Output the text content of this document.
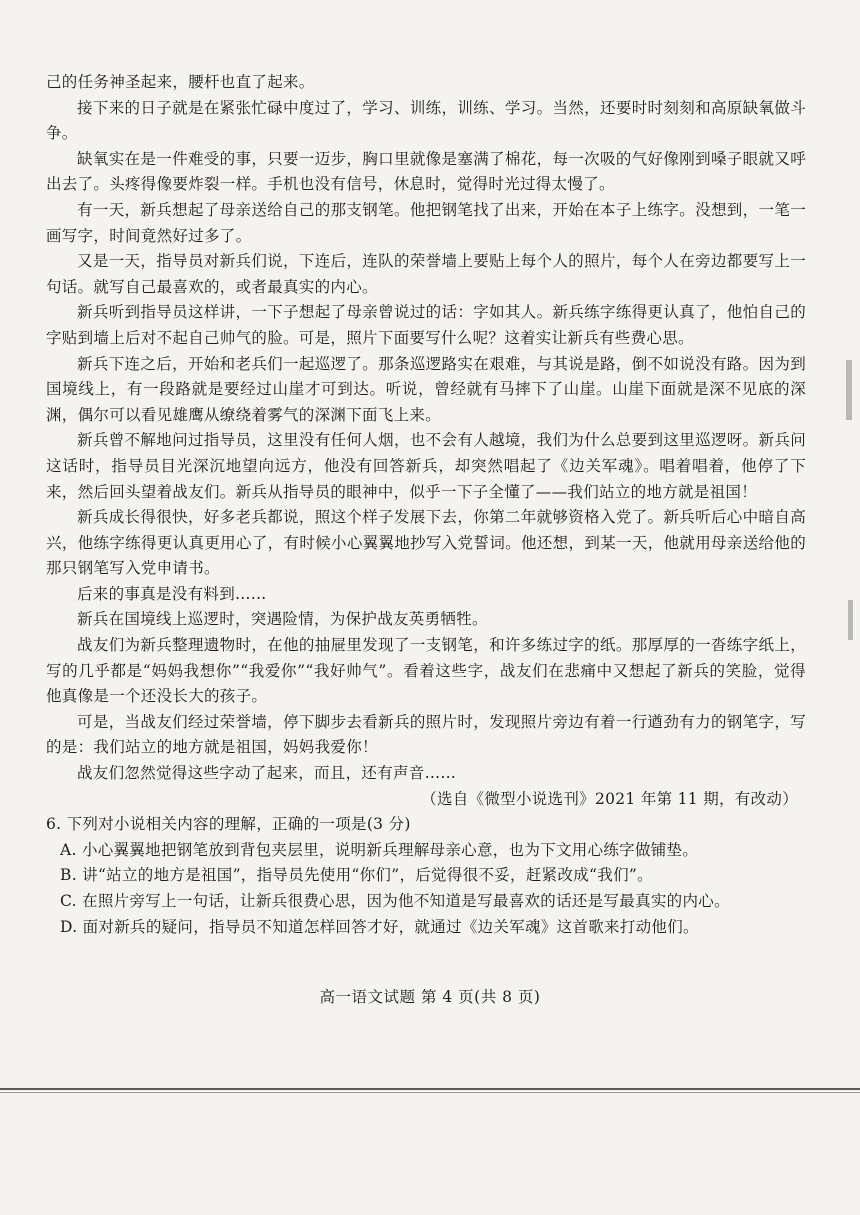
己的任务神圣起来，腰杆也直了起来。

接下来的日子就是在紧张忙碌中度过了，学习、训练，训练、学习。当然，还要时时刻刻和高原缺氧做斗争。

缺氧实在是一件难受的事，只要一迈步，胸口里就像是塞满了棉花，每一次吸的气好像刚到嗓子眼就又呼出去了。头疼得像要炸裂一样。手机也没有信号，休息时，觉得时光过得太慢了。

有一天，新兵想起了母亲送给自己的那支钢笔。他把钢笔找了出来，开始在本子上练字。没想到，一笔一画写字，时间竟然好过多了。

又是一天，指导员对新兵们说，下连后，连队的荣誉墙上要贴上每个人的照片，每个人在旁边都要写上一句话。就写自己最喜欢的，或者最真实的内心。

新兵听到指导员这样讲，一下子想起了母亲曾说过的话：字如其人。新兵练字练得更认真了，他怕自己的字贴到墙上后对不起自己帅气的脸。可是，照片下面要写什么呢？这着实让新兵有些费心思。

新兵下连之后，开始和老兵们一起巡逻了。那条巡逻路实在艰难，与其说是路，倒不如说没有路。因为到国境线上，有一段路就是要经过山崖才可到达。听说，曾经就有马摔下了山崖。山崖下面就是深不见底的深渊，偶尔可以看见雄鹰从缭绕着雾气的深渊下面飞上来。

新兵曾不解地问过指导员，这里没有任何人烟，也不会有人越境，我们为什么总要到这里巡逻呀。新兵问这话时，指导员目光深沉地望向远方，他没有回答新兵，却突然唱起了《边关军魂》。唱着唱着，他停了下来，然后回头望着战友们。新兵从指导员的眼神中，似乎一下子全懂了——我们站立的地方就是祖国！

新兵成长得很快，好多老兵都说，照这个样子发展下去，你第二年就够资格入党了。新兵听后心中暗自高兴，他练字练得更认真更用心了，有时候小心翼翼地抄写入党誓词。他还想，到某一天，他就用母亲送给他的那只钢笔写入党申请书。

后来的事真是没有料到……

新兵在国境线上巡逻时，突遇险情，为保护战友英勇牺牲。

战友们为新兵整理遗物时，在他的抽屉里发现了一支钢笔，和许多练过字的纸。那厚厚的一沓练字纸上，写的几乎都是“妈妈我想你”“我爱你”“我好帅气”。看着这些字，战友们在悲痛中又想起了新兵的笑脸，觉得他真像是一个还没长大的孩子。

可是，当战友们经过荣誉墙，停下脚步去看新兵的照片时，发现照片旁边有着一行遒劲有力的钢笔字，写的是：我们站立的地方就是祖国，妈妈我爱你！

战友们忽然觉得这些字动了起来，而且，还有声音……

（选自《微型小说选刊》2021 年第 11 期，有改动）

6. 下列对小说相关内容的理解，正确的一项是(3 分)

A. 小心翼翼地把钢笔放到背包夹层里，说明新兵理解母亲心意，也为下文用心练字做铺垫。

B. 讲“站立的地方是祖国”，指导员先使用“你们”，后觉得很不妥，赶紧改成“我们”。

C. 在照片旁写上一句话，让新兵很费心思，因为他不知道是写最喜欢的话还是写最真实的内心。

D. 面对新兵的疑问，指导员不知道怎样回答才好，就通过《边关军魂》这首歌来打动他们。

高一语文试题 第 4 页(共 8 页)
